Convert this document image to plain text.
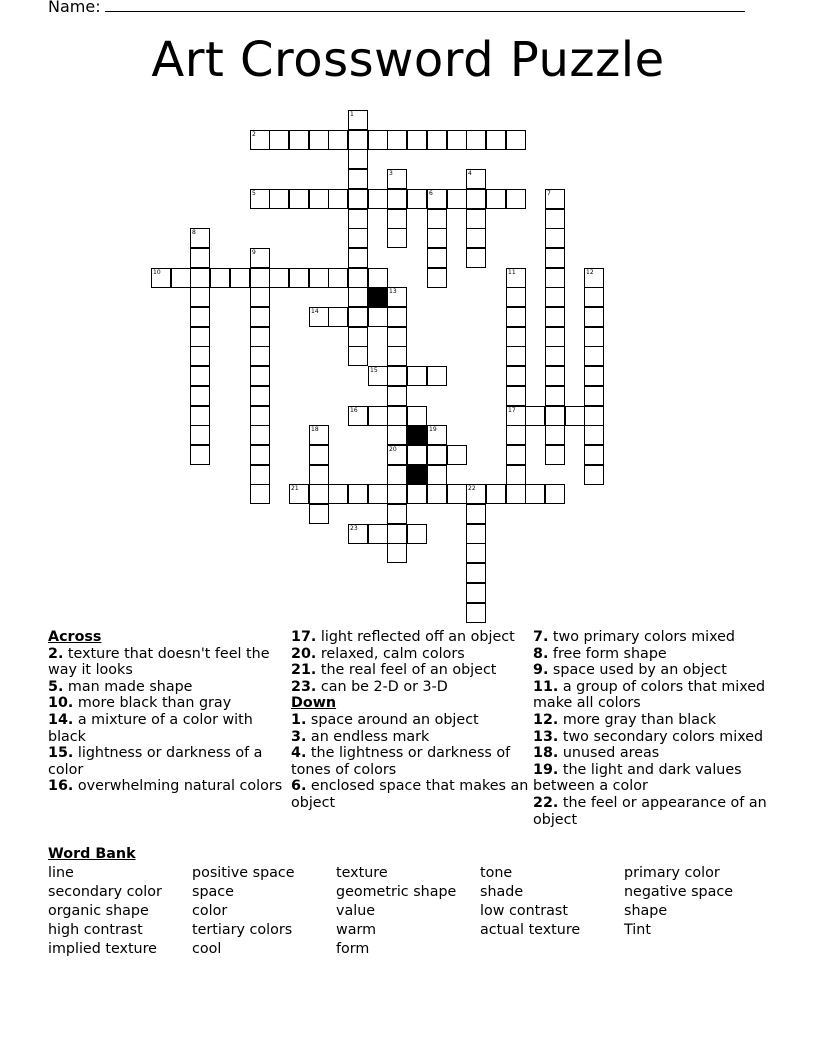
Name:
Art Crossword Puzzle
2
5	6
10
14
15
16	17
20
21	22
23
1
3	4
7
8
9
11	12
13
18	19
Across
2. texture that doesn't feel the way it looks
5. man made shape
10. more black than gray
14. a mixture of a color with black
15. lightness or darkness of a color
16. overwhelming natural colors
17. light reflected off an object
20. relaxed, calm colors
21. the real feel of an object
23. can be 2-D or 3-D
Down
1. space around an object
3. an endless mark
4. the lightness or darkness of tones of colors
6. enclosed space that makes an object
7. two primary colors mixed
8. free form shape
9. space used by an object
11. a group of colors that mixed make all colors
12. more gray than black
13. two secondary colors mixed
18. unused areas
19. the light and dark values between a color
22. the feel or appearance of an object
Word Bank
line
secondary color
organic shape
high contrast
implied texture
positive space
space
color
tertiary colors
cool
texture
geometric shape
value
warm
form
tone
shade
low contrast
actual texture
primary color
negative space
shape
Tint
